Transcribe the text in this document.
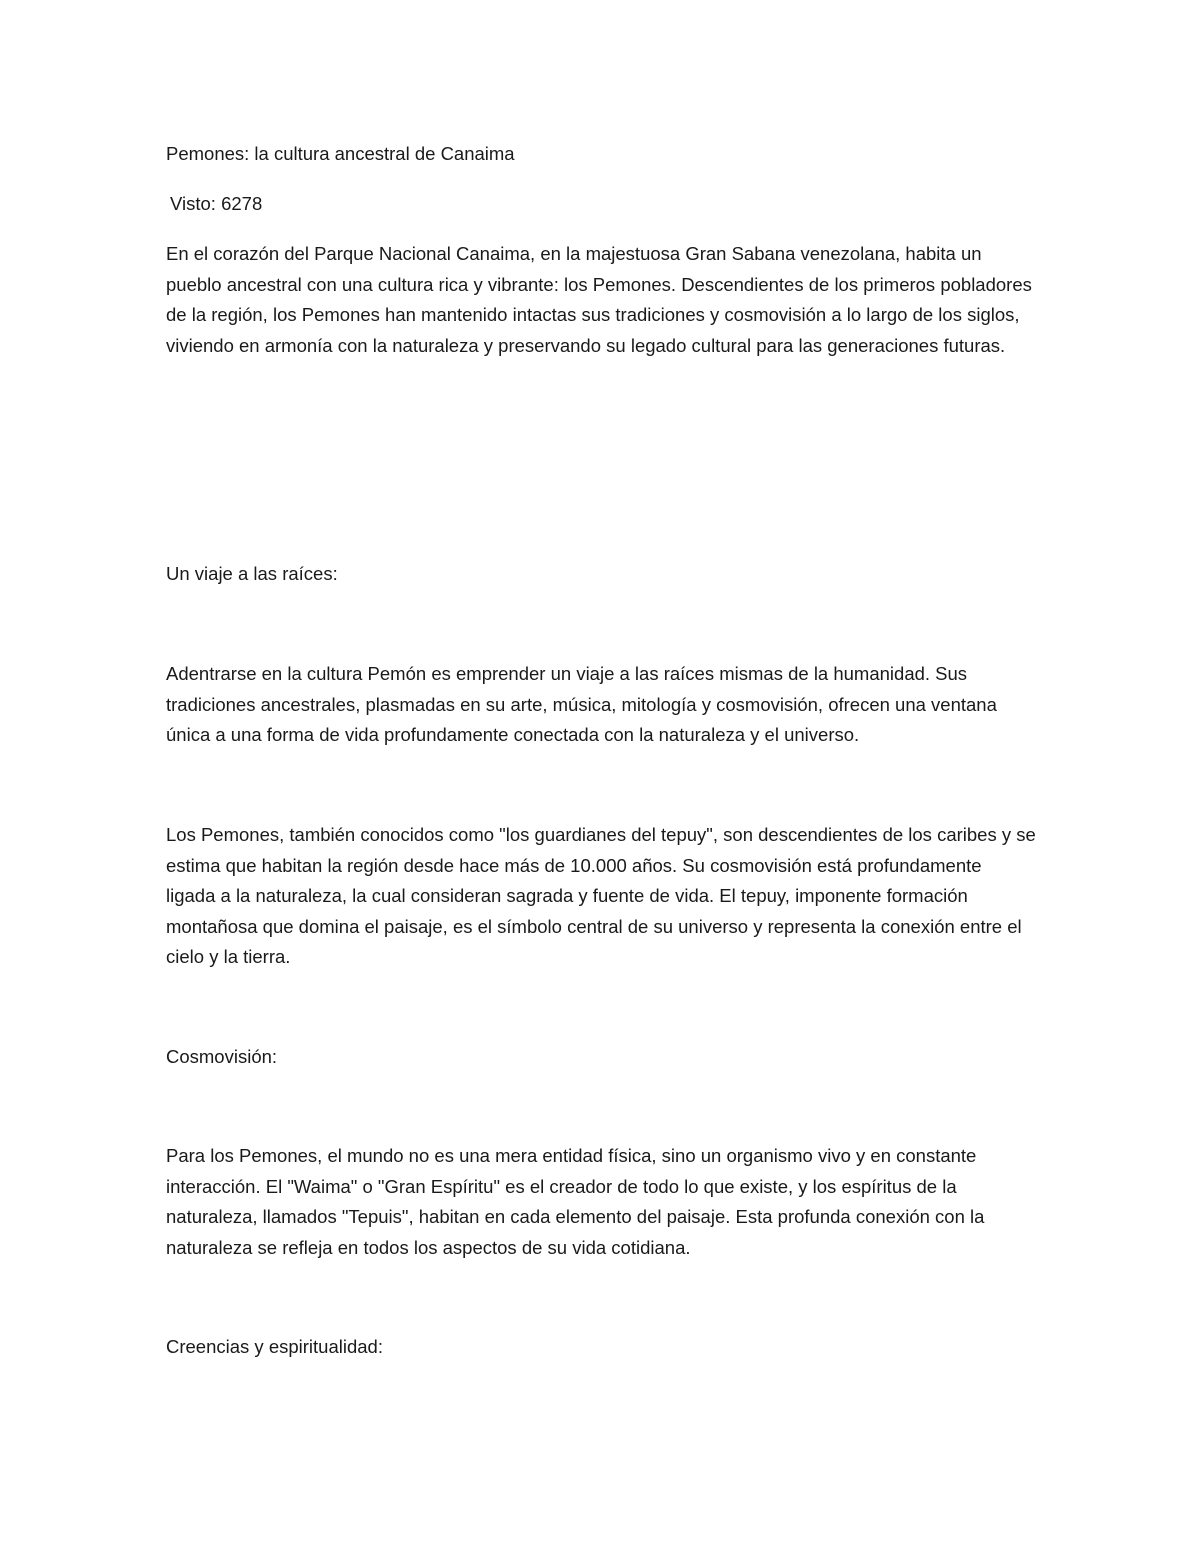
Pemones: la cultura ancestral de Canaima

Visto: 6278

En el corazón del Parque Nacional Canaima, en la majestuosa Gran Sabana venezolana, habita un pueblo ancestral con una cultura rica y vibrante: los Pemones. Descendientes de los primeros pobladores de la región, los Pemones han mantenido intactas sus tradiciones y cosmovisión a lo largo de los siglos, viviendo en armonía con la naturaleza y preservando su legado cultural para las generaciones futuras.

Un viaje a las raíces:

Adentrarse en la cultura Pemón es emprender un viaje a las raíces mismas de la humanidad. Sus tradiciones ancestrales, plasmadas en su arte, música, mitología y cosmovisión, ofrecen una ventana única a una forma de vida profundamente conectada con la naturaleza y el universo.

Los Pemones, también conocidos como "los guardianes del tepuy", son descendientes de los caribes y se estima que habitan la región desde hace más de 10.000 años. Su cosmovisión está profundamente ligada a la naturaleza, la cual consideran sagrada y fuente de vida. El tepuy, imponente formación montañosa que domina el paisaje, es el símbolo central de su universo y representa la conexión entre el cielo y la tierra.

Cosmovisión:

Para los Pemones, el mundo no es una mera entidad física, sino un organismo vivo y en constante interacción. El "Waima" o "Gran Espíritu" es el creador de todo lo que existe, y los espíritus de la naturaleza, llamados "Tepuis", habitan en cada elemento del paisaje. Esta profunda conexión con la naturaleza se refleja en todos los aspectos de su vida cotidiana.

Creencias y espiritualidad:
